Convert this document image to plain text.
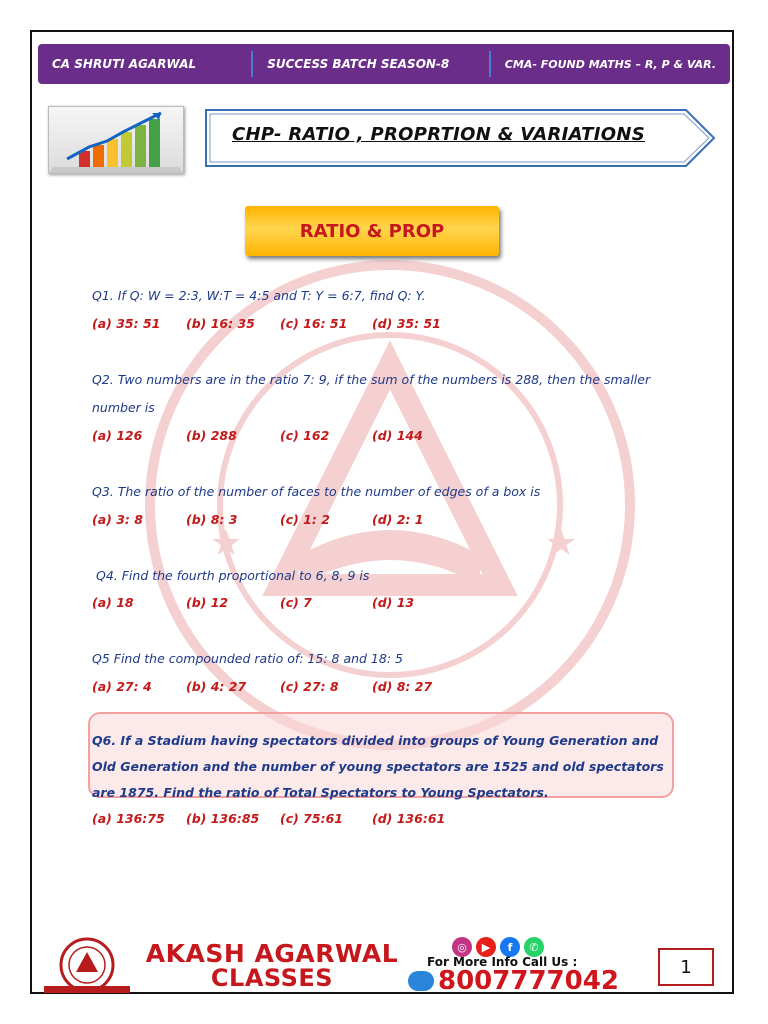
CA SHRUTI AGARWAL	SUCCESS BATCH SEASON-8	CMA- FOUND MATHS – R, P & VAR.
CHP- RATIO , PROPRTION & VARIATIONS
RATIO & PROP
★	★
Q1. If Q: W = 2:3, W:T = 4:5 and T: Y = 6:7, find Q: Y.
(a) 35: 51 (b) 16: 35 (c) 16: 51 (d) 35: 51
Q2. Two numbers are in the ratio 7: 9, if the sum of the numbers is 288, then the smaller number is
(a) 126	(b) 288	(c) 162	(d) 144
Q3. The ratio of the number of faces to the number of edges of a box is
(a) 3: 8	(b) 8: 3	(c) 1: 2	(d) 2: 1
Q4. Find the fourth proportional to 6, 8, 9 is
(a) 18	(b) 12	(c) 7	(d) 13
Q5 Find the compounded ratio of: 15: 8 and 18: 5
(a) 27: 4	(b) 4: 27	(c) 27: 8	(d) 8: 27
Q6. If a Stadium having spectators divided into groups of Young Generation and Old Generation and the number of young spectators are 1525 and old spectators are 1875. Find the ratio of Total Spectators to Young Spectators.
(a) 136:75 (b) 136:85 (c) 75:61 (d) 136:61
AKASH AGARWAL
CLASSES
◎	▶	f	✆
For More Info Call Us :
8007777042	1
